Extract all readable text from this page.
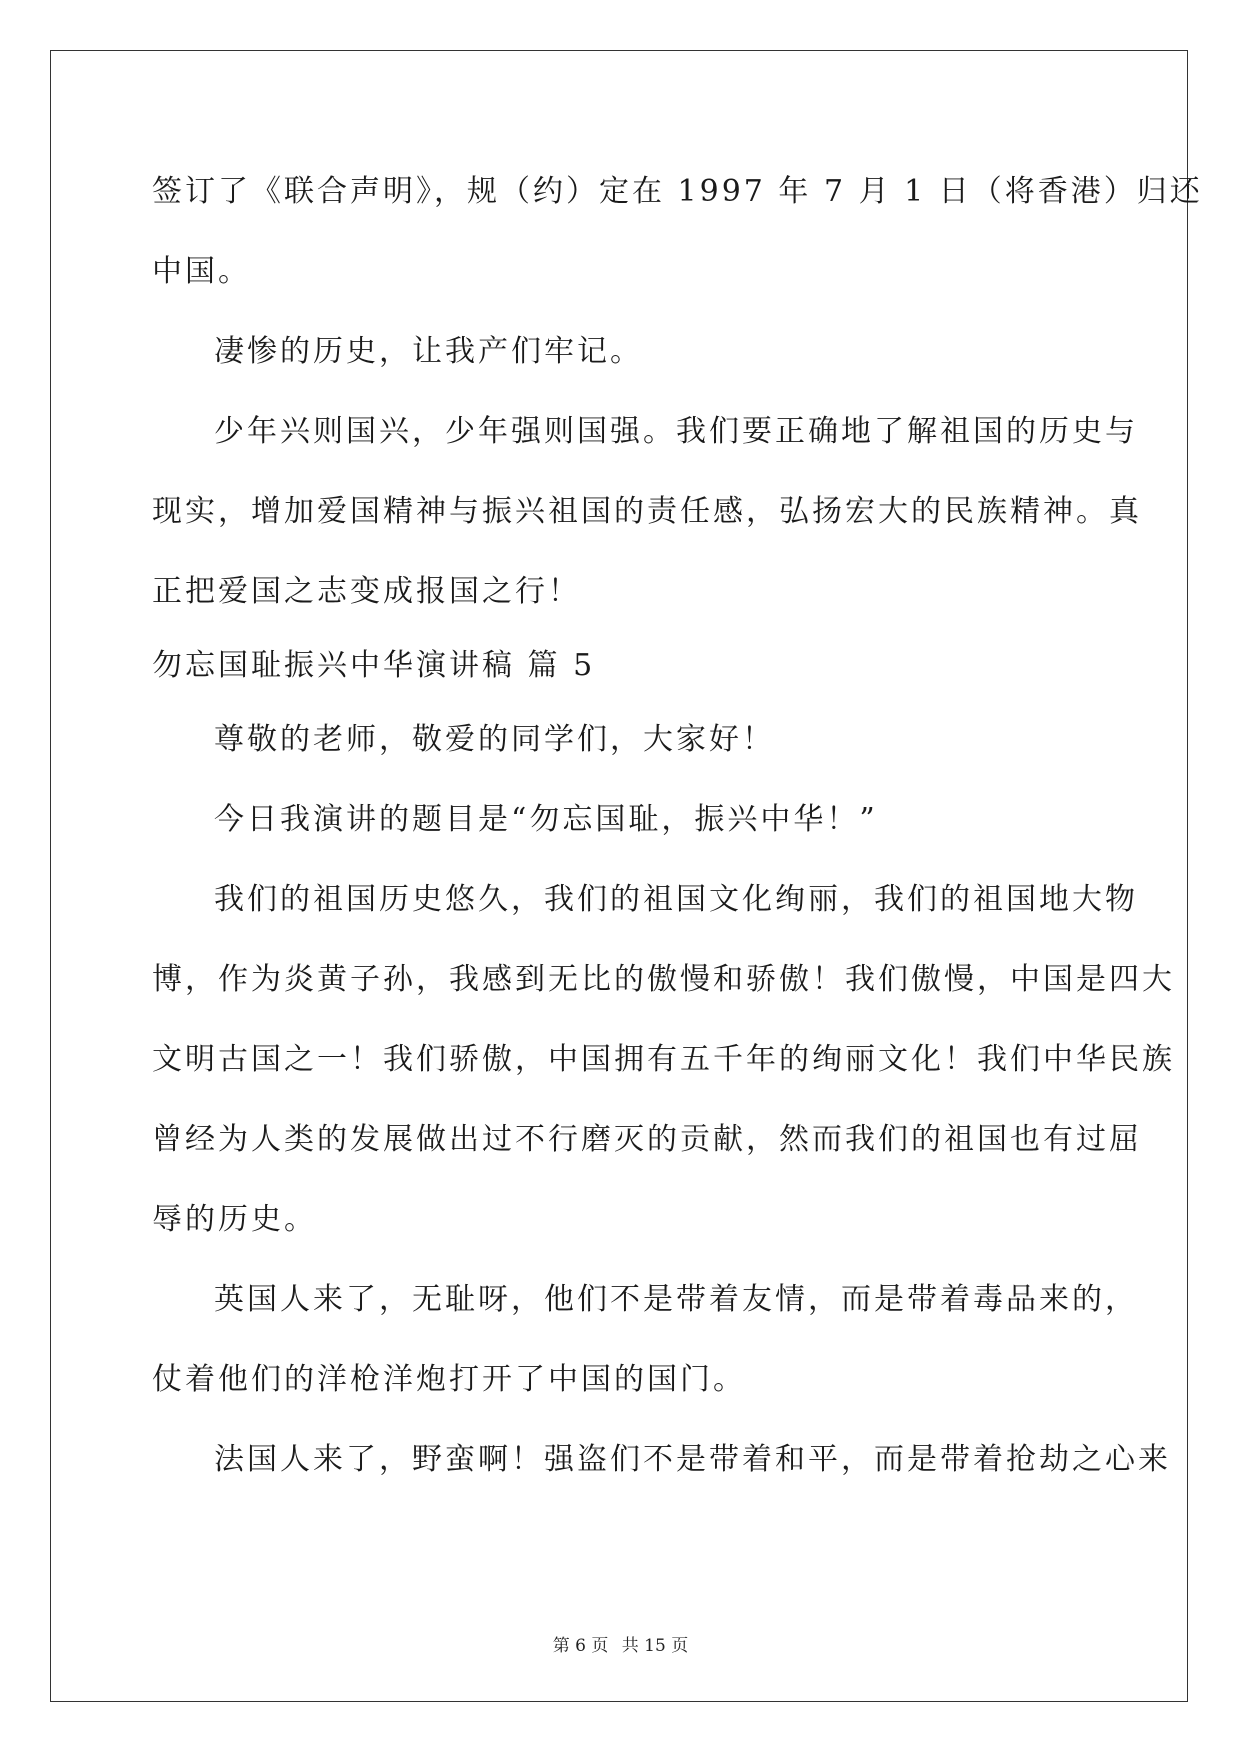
签订了《联合声明》，规（约）定在 1997 年 7 月 1 日（将香港）归还
中国。
凄惨的历史，让我产们牢记。
少年兴则国兴，少年强则国强。我们要正确地了解祖国的历史与
现实，增加爱国精神与振兴祖国的责任感，弘扬宏大的民族精神。真
正把爱国之志变成报国之行！
勿忘国耻振兴中华演讲稿 篇 5
尊敬的老师，敬爱的同学们，大家好！
今日我演讲的题目是“勿忘国耻，振兴中华！”
我们的祖国历史悠久，我们的祖国文化绚丽，我们的祖国地大物
博，作为炎黄子孙，我感到无比的傲慢和骄傲！我们傲慢，中国是四大
文明古国之一！我们骄傲，中国拥有五千年的绚丽文化！我们中华民族
曾经为人类的发展做出过不行磨灭的贡献，然而我们的祖国也有过屈
辱的历史。
英国人来了，无耻呀，他们不是带着友情，而是带着毒品来的，
仗着他们的洋枪洋炮打开了中国的国门。
法国人来了，野蛮啊！强盗们不是带着和平，而是带着抢劫之心来
第 6 页 共 15 页
